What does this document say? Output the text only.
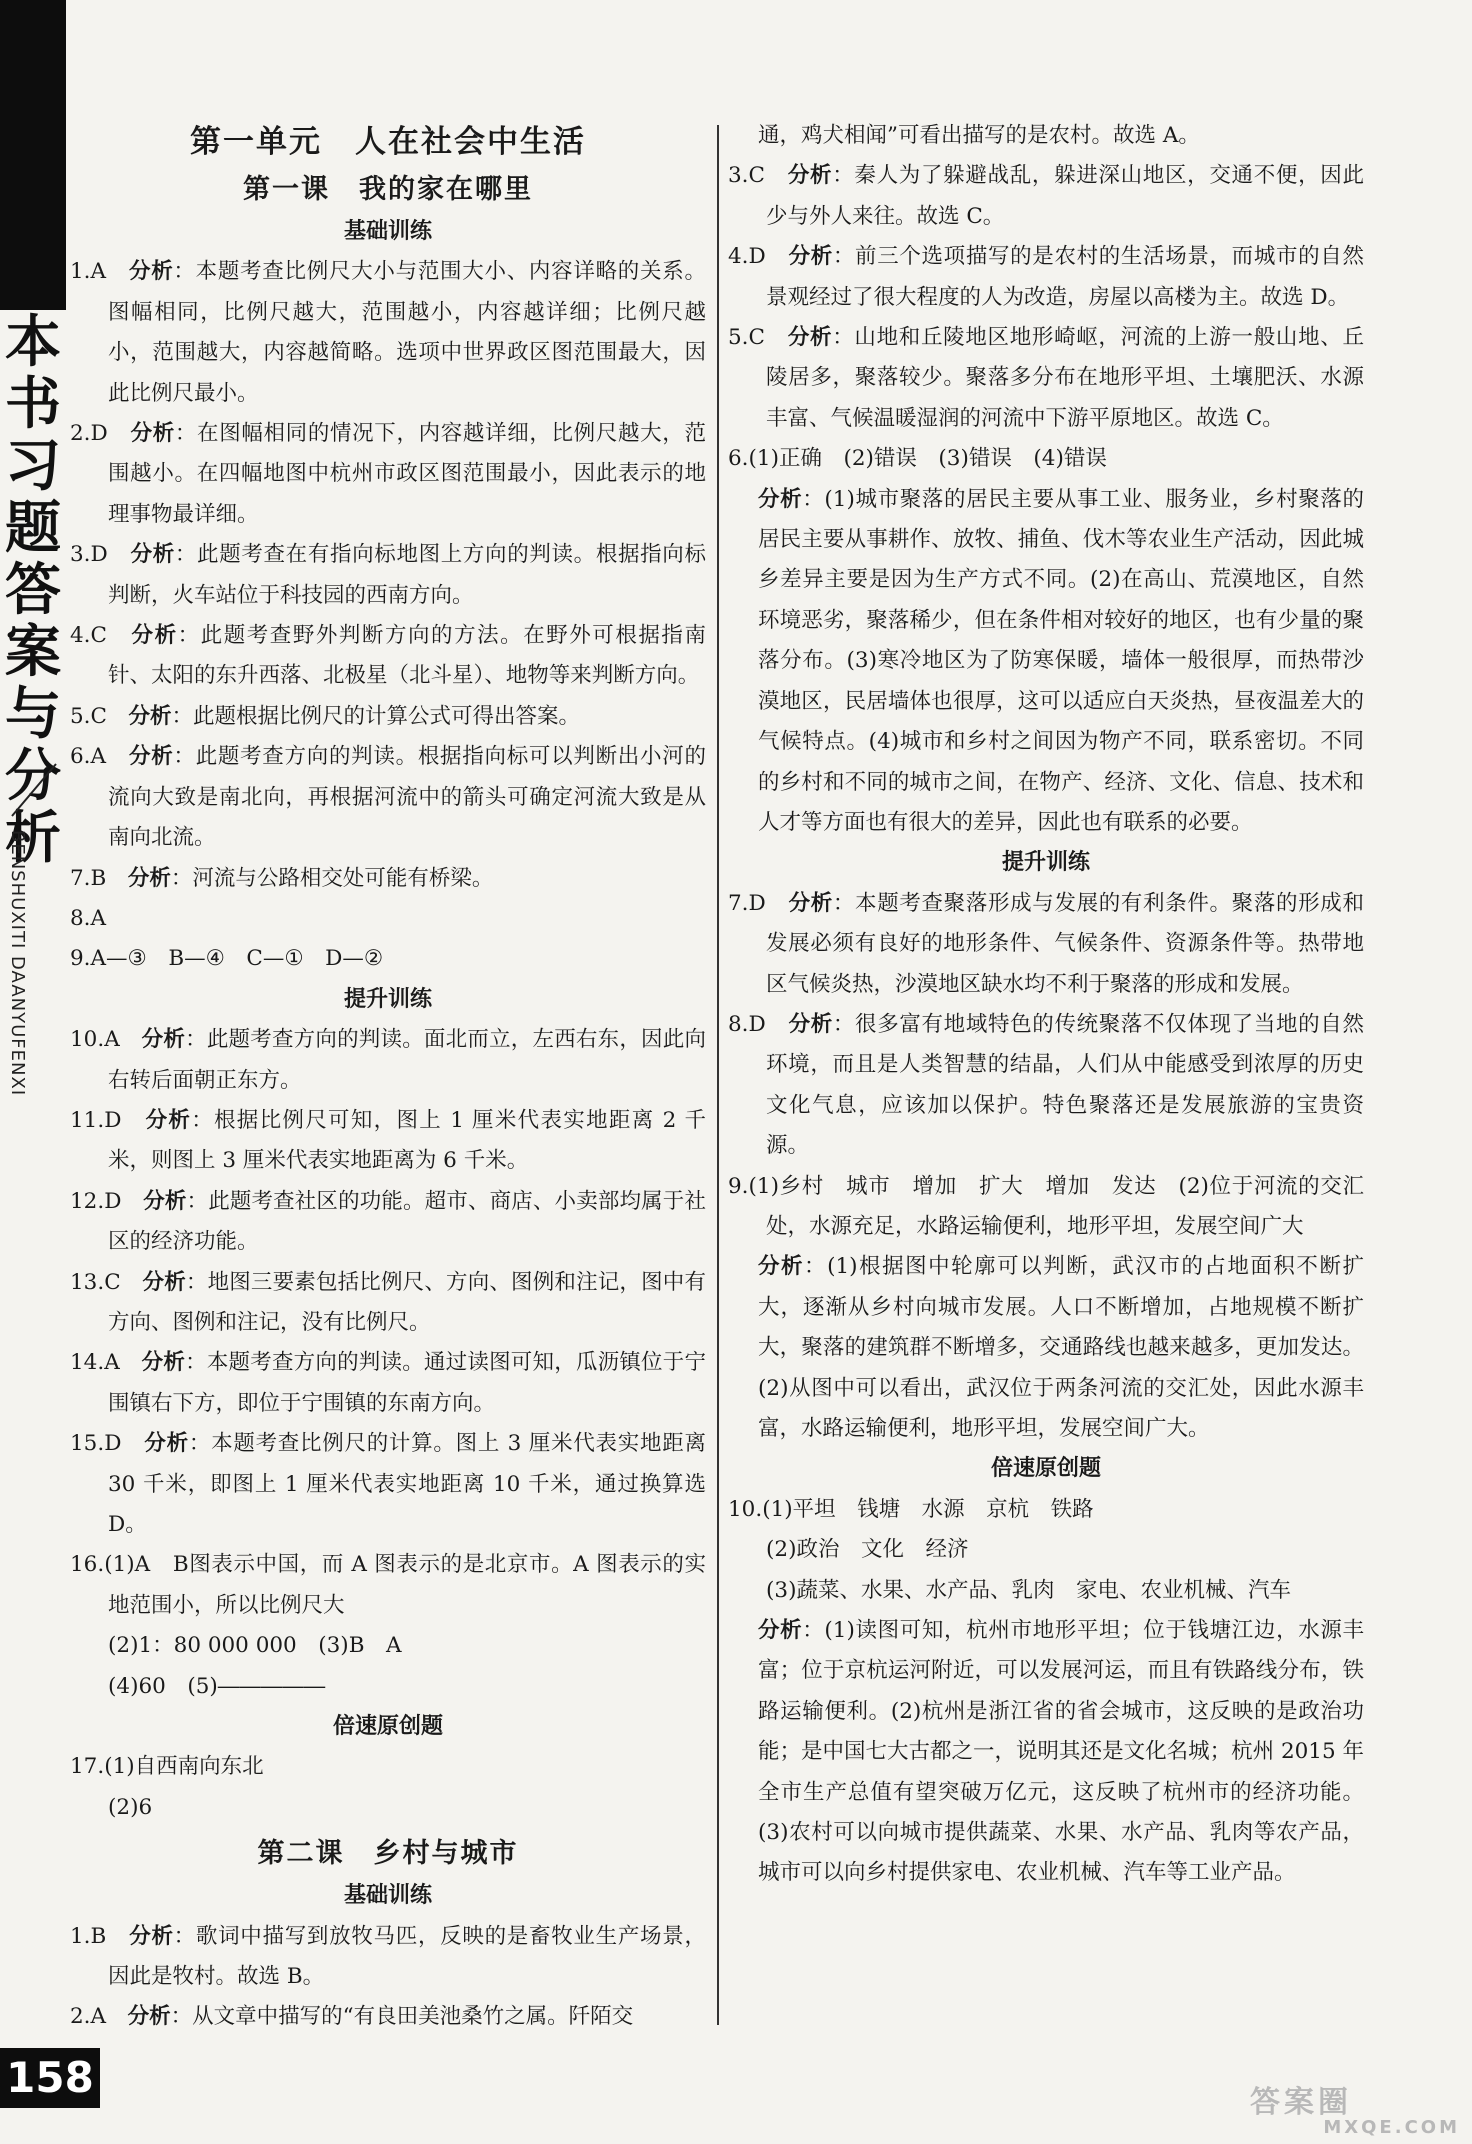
本
书
习
题
答
案
与
分
析
BENSHUXITI DAANYUFENXI
第一单元　人在社会中生活
第一课　我的家在哪里
基础训练
1.A　 分析：本题考查比例尺大小与范围大小、内容详略的关系。图幅相同，比例尺越大，范围越小，内容越详细；比例尺越小，范围越大，内容越简略。选项中世界政区图范围最大，因此比例尺最小。
2.D　 分析：在图幅相同的情况下，内容越详细，比例尺越大，范围越小。在四幅地图中杭州市政区图范围最小，因此表示的地理事物最详细。
3.D　 分析：此题考查在有指向标地图上方向的判读。根据指向标判断，火车站位于科技园的西南方向。
4.C　 分析：此题考查野外判断方向的方法。在野外可根据指南针、太阳的东升西落、北极星（北斗星）、地物等来判断方向。
5.C　 分析：此题根据比例尺的计算公式可得出答案。
6.A　 分析：此题考查方向的判读。根据指向标可以判断出小河的流向大致是南北向，再根据河流中的箭头可确定河流大致是从南向北流。
7.B　 分析：河流与公路相交处可能有桥梁。
8.A
9.A—③　B—④　C—①　D—②
提升训练
10.A　 分析：此题考查方向的判读。面北而立，左西右东，因此向右转后面朝正东方。
11.D　 分析：根据比例尺可知，图上 1 厘米代表实地距离 2 千米，则图上 3 厘米代表实地距离为 6 千米。
12.D　 分析：此题考查社区的功能。超市、商店、小卖部均属于社区的经济功能。
13.C　 分析：地图三要素包括比例尺、方向、图例和注记，图中有方向、图例和注记，没有比例尺。
14.A　 分析：本题考查方向的判读。通过读图可知，瓜沥镇位于宁围镇右下方，即位于宁围镇的东南方向。
15.D　 分析：本题考查比例尺的计算。图上 3 厘米代表实地距离 30 千米，即图上 1 厘米代表实地距离 10 千米，通过换算选 D。
16.(1)A　B图表示中国，而 A 图表示的是北京市。A 图表示的实地范围小，所以比例尺大
(2)1：80 000 000　(3)B　A
(4)60　(5)―――――
倍速原创题
17.(1)自西南向东北
(2)6
第二课　乡村与城市
基础训练
1.B　 分析：歌词中描写到放牧马匹，反映的是畜牧业生产场景，因此是牧村。故选 B。
2.A　 分析：从文章中描写的“有良田美池桑竹之属。阡陌交
通，鸡犬相闻”可看出描写的是农村。故选 A。
3.C　 分析：秦人为了躲避战乱，躲进深山地区，交通不便，因此少与外人来往。故选 C。
4.D　 分析：前三个选项描写的是农村的生活场景，而城市的自然景观经过了很大程度的人为改造，房屋以高楼为主。故选 D。
5.C　 分析：山地和丘陵地区地形崎岖，河流的上游一般山地、丘陵居多，聚落较少。聚落多分布在地形平坦、土壤肥沃、水源丰富、气候温暖湿润的河流中下游平原地区。故选 C。
6.(1)正确　(2)错误　(3)错误　(4)错误
分析：(1)城市聚落的居民主要从事工业、服务业，乡村聚落的居民主要从事耕作、放牧、捕鱼、伐木等农业生产活动，因此城乡差异主要是因为生产方式不同。(2)在高山、荒漠地区，自然环境恶劣，聚落稀少，但在条件相对较好的地区，也有少量的聚落分布。(3)寒冷地区为了防寒保暖，墙体一般很厚，而热带沙漠地区，民居墙体也很厚，这可以适应白天炎热，昼夜温差大的气候特点。(4)城市和乡村之间因为物产不同，联系密切。不同的乡村和不同的城市之间，在物产、经济、文化、信息、技术和人才等方面也有很大的差异，因此也有联系的必要。
提升训练
7.D　 分析：本题考查聚落形成与发展的有利条件。聚落的形成和发展必须有良好的地形条件、气候条件、资源条件等。热带地区气候炎热，沙漠地区缺水均不利于聚落的形成和发展。
8.D　 分析：很多富有地域特色的传统聚落不仅体现了当地的自然环境，而且是人类智慧的结晶，人们从中能感受到浓厚的历史文化气息，应该加以保护。特色聚落还是发展旅游的宝贵资源。
9.(1)乡村　城市　增加　扩大　增加　发达　(2)位于河流的交汇处，水源充足，水路运输便利，地形平坦，发展空间广大
分析：(1)根据图中轮廓可以判断，武汉市的占地面积不断扩大，逐渐从乡村向城市发展。人口不断增加，占地规模不断扩大，聚落的建筑群不断增多，交通路线也越来越多，更加发达。(2)从图中可以看出，武汉位于两条河流的交汇处，因此水源丰富，水路运输便利，地形平坦，发展空间广大。
倍速原创题
10.(1)平坦　钱塘　水源　京杭　铁路
(2)政治　文化　经济
(3)蔬菜、水果、水产品、乳肉　家电、农业机械、汽车
分析：(1)读图可知，杭州市地形平坦；位于钱塘江边，水源丰富；位于京杭运河附近，可以发展河运，而且有铁路线分布，铁路运输便利。(2)杭州是浙江省的省会城市，这反映的是政治功能；是中国七大古都之一，说明其还是文化名城；杭州 2015 年全市生产总值有望突破万亿元，这反映了杭州市的经济功能。(3)农村可以向城市提供蔬菜、水果、水产品、乳肉等农产品，城市可以向乡村提供家电、农业机械、汽车等工业产品。
158
答案圈
MXQE.COM
